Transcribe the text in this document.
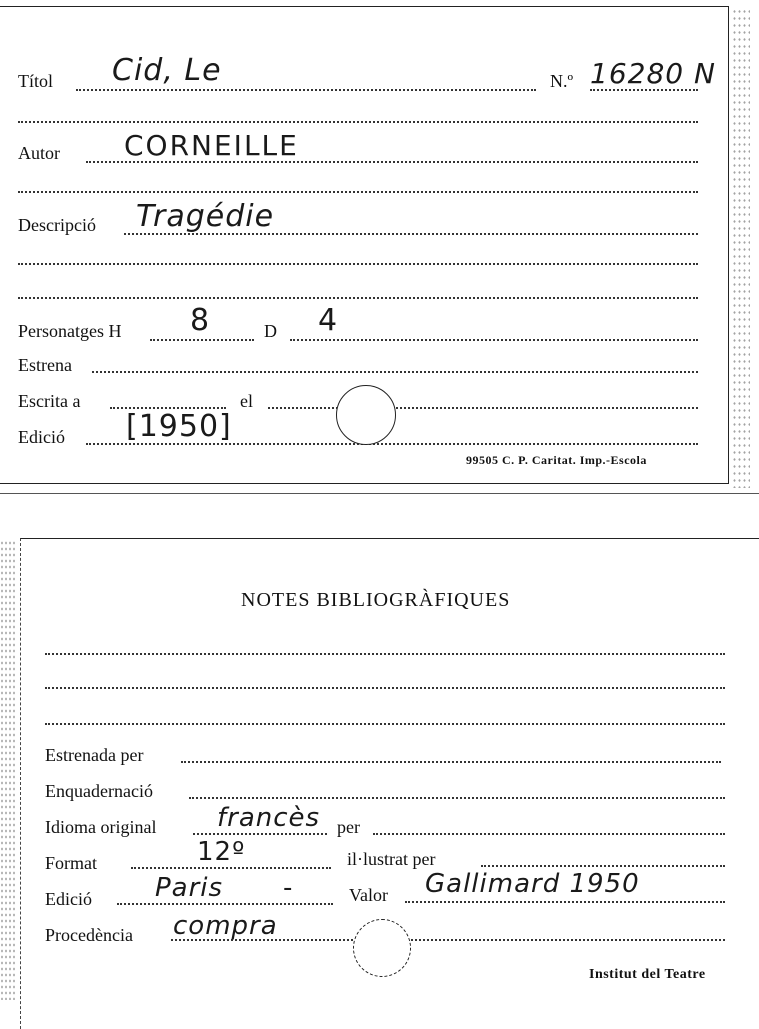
Títol Cid, Le	N.º 16280 N
Autor CORNEILLE
Descripció Tragédie
Personatges H 8	D 4
Estrena
Escrita a	el
Edició [1950]
99505 C. P. Caritat. Imp.-Escola
NOTES BIBLIOGRÀFIQUES
Estrenada per
Enquadernació
Idioma original francès per
Format	12º	il·lustrat per
Edició Paris -	Valor Gallimard 1950
Procedència compra
Institut del Teatre
